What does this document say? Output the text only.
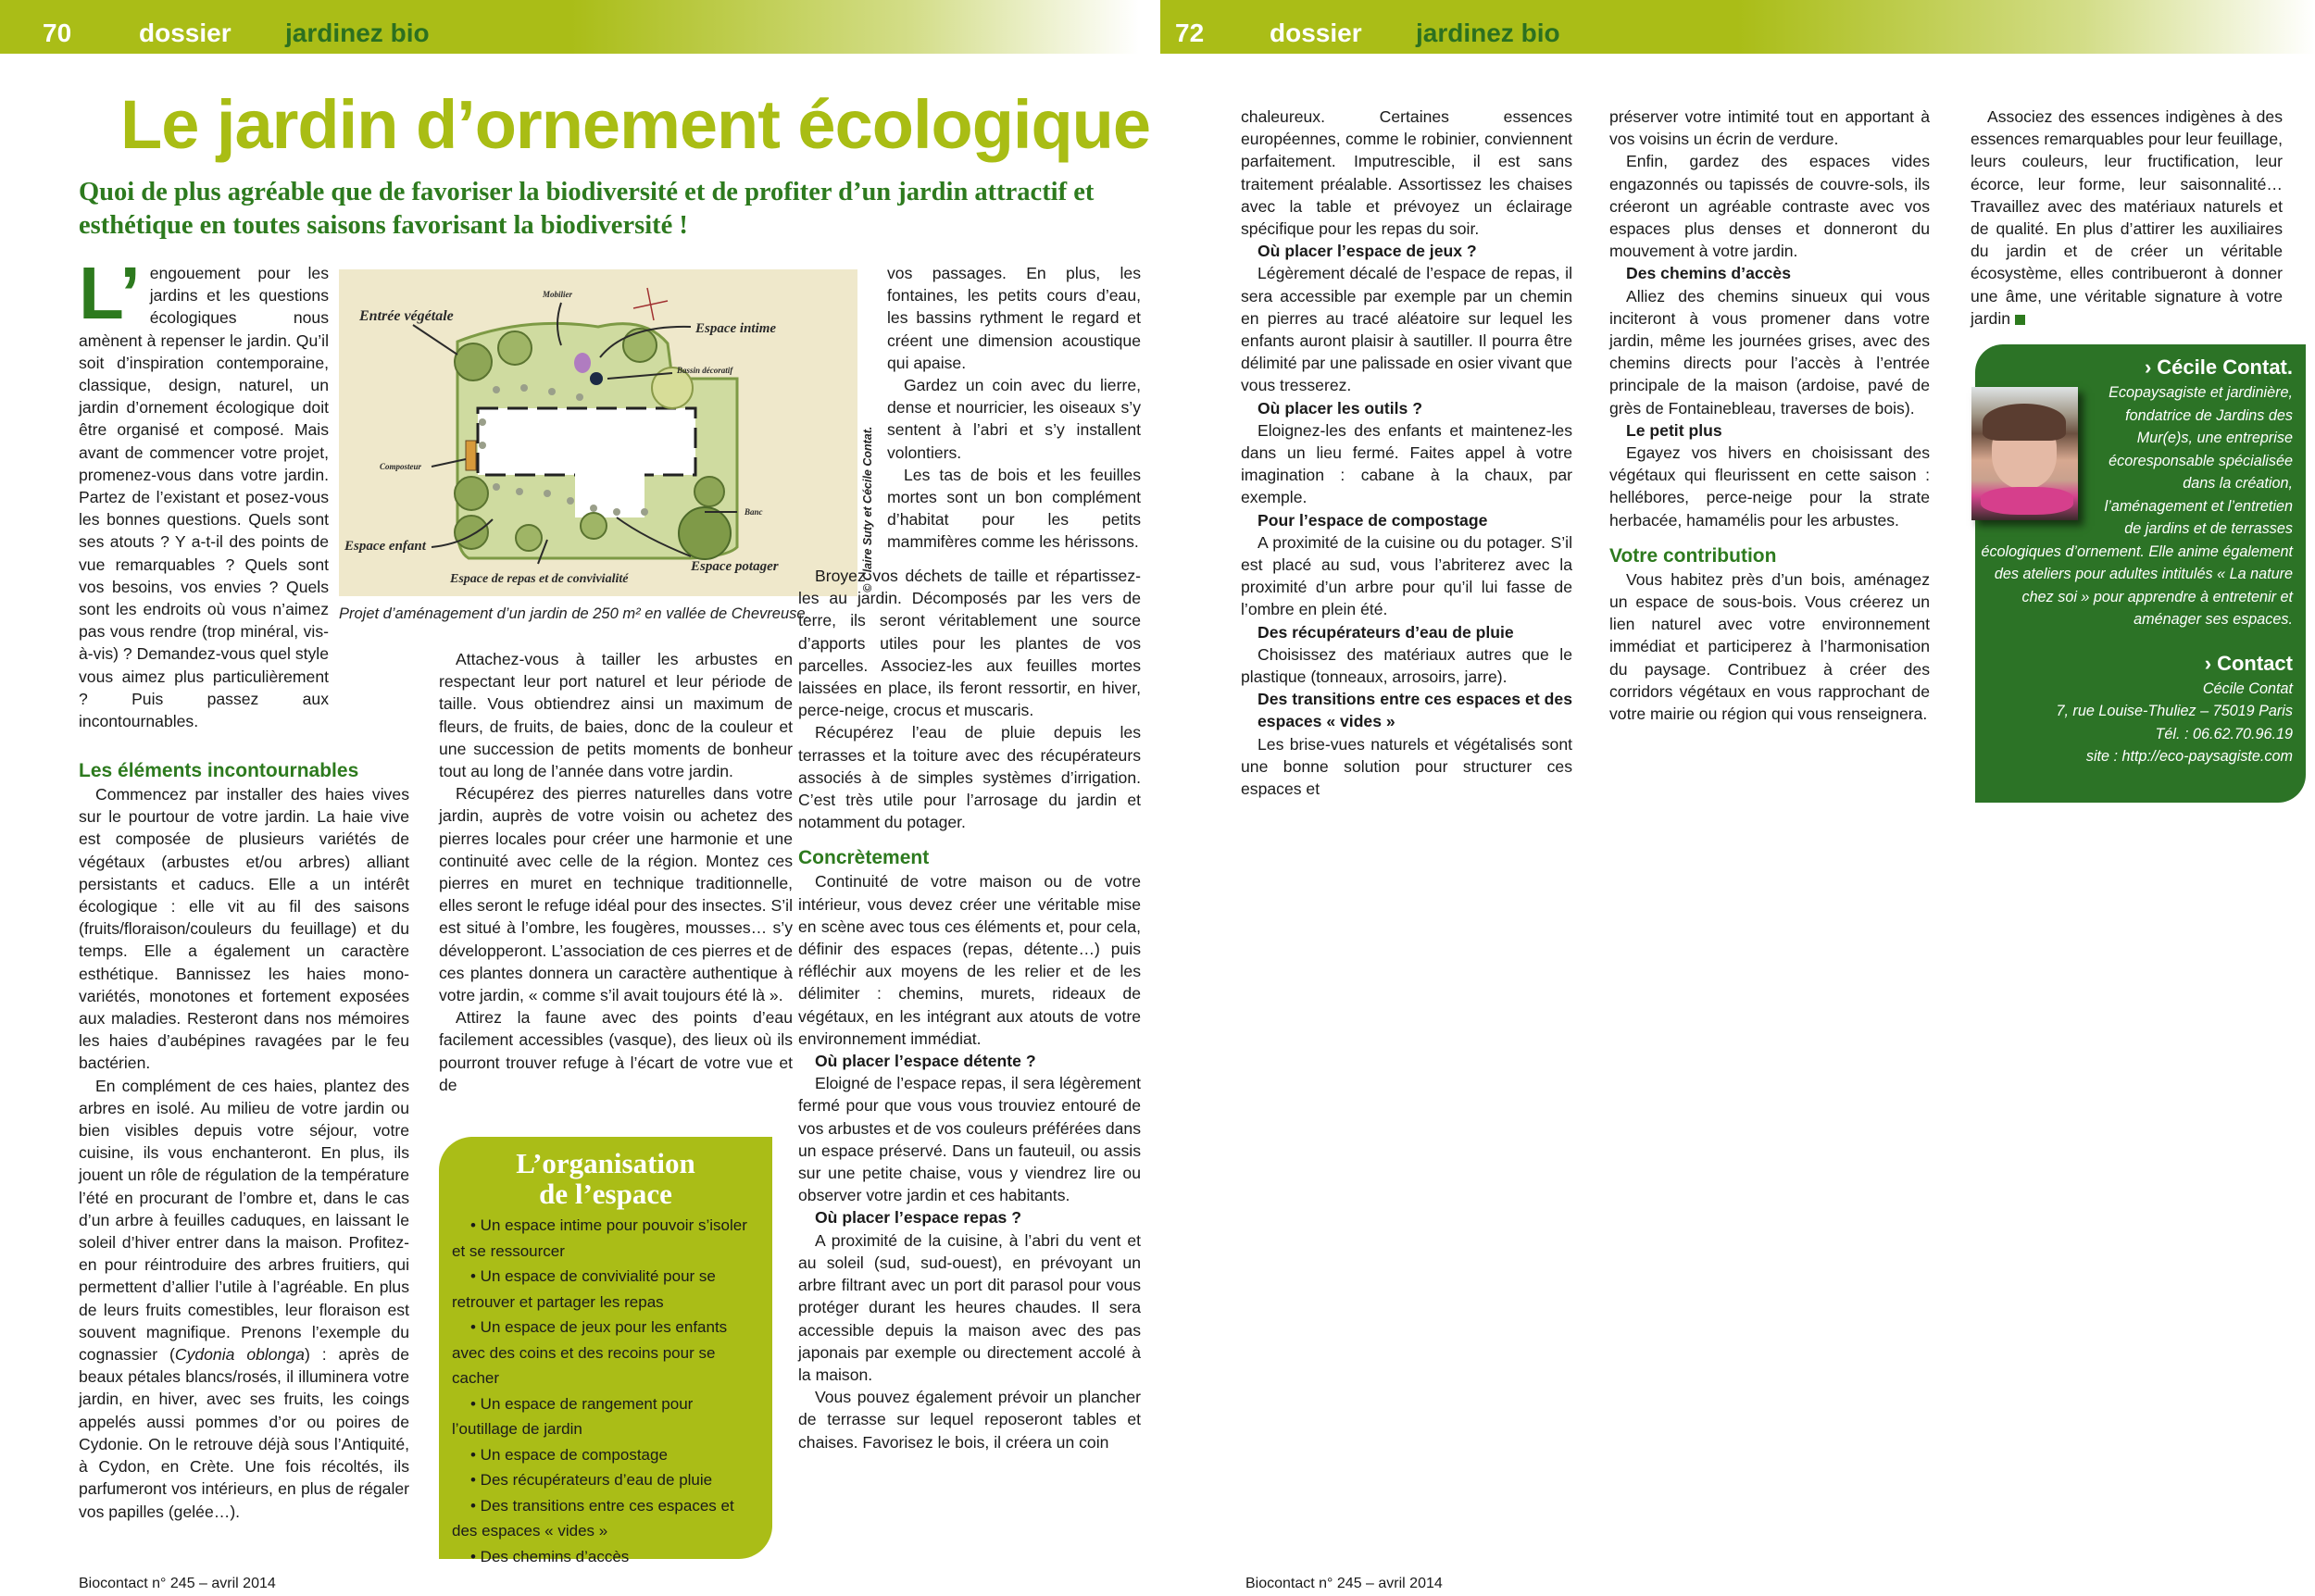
70	dossier	jardinez bio	72	dossier	jardinez bio
Le jardin d’ornement écologique
Quoi de plus agréable que de favoriser la biodiversité et de profiter d’un jardin attractif et esthétique en toutes saisons favorisant la biodiversité !
L’ engouement pour les jardins et les questions écologiques nous amènent à repenser le jardin. Qu’il soit d’inspiration contemporaine, classique, design, naturel, un jardin d’ornement écologique doit être organisé et composé. Mais avant de commencer votre projet, promenez-vous dans votre jardin. Partez de l’existant et posez-vous les bonnes questions. Quels sont ses atouts ? Y a-t-il des points de vue remarquables ? Quels sont vos besoins, vos envies ? Quels sont les endroits où vous n’aimez pas vous rendre (trop minéral, vis-à-vis) ? Demandez-vous quel style vous aimez plus particulièrement ? Puis passez aux incontournables.

Entrée végétale
Mobilier
Espace intime
Bassin décoratif
Composteur
Banc
Espace enfant
Espace potager
Espace de repas et de convivialité
Projet d’aménagement d’un jardin de 250 m² en vallée de Chevreuse.
© Claire Suty et Cécile Contat.
Les éléments incontournables

Commencez par installer des haies vives sur le pourtour de votre jardin. La haie vive est composée de plusieurs variétés de végétaux (arbustes et/ou arbres) alliant persistants et caducs. Elle a un intérêt écologique : elle vit au fil des saisons (fruits/floraison/couleurs du feuillage) et du temps. Elle a également un caractère esthétique. Bannissez les haies mono-variétés, monotones et fortement exposées aux maladies. Resteront dans nos mémoires les haies d’aubépines ravagées par le feu bactérien.

En complément de ces haies, plantez des arbres en isolé. Au milieu de votre jardin ou bien visibles depuis votre séjour, votre cuisine, ils vous enchanteront. En plus, ils jouent un rôle de régulation de la température l’été en procurant de l’ombre et, dans le cas d’un arbre à feuilles caduques, en laissant le soleil d’hiver entrer dans la maison. Profitez-en pour réintroduire des arbres fruitiers, qui permettent d’allier l’utile à l’agréable. En plus de leurs fruits comestibles, leur floraison est souvent magnifique. Prenons l’exemple du cognassier (Cydonia oblonga) : après de beaux pétales blancs/rosés, il illuminera votre jardin, en hiver, avec ses fruits, les coings appelés aussi pommes d’or ou poires de Cydonie. On le retrouve déjà sous l’Antiquité, à Cydon, en Crète. Une fois récoltés, ils parfumeront vos intérieurs, en plus de régaler vos papilles (gelée…).

Attachez-vous à tailler les arbustes en respectant leur port naturel et leur période de taille. Vous obtiendrez ainsi un maximum de fleurs, de fruits, de baies, donc de la couleur et une succession de petits moments de bonheur tout au long de l’année dans votre jardin.

Récupérez des pierres naturelles dans votre jardin, auprès de votre voisin ou achetez des pierres locales pour créer une harmonie et une continuité avec celle de la région. Montez ces pierres en muret en technique traditionnelle, elles seront le refuge idéal pour des insectes. S’il est situé à l’ombre, les fougères, mousses… s’y développeront. L’association de ces pierres et de ces plantes donnera un caractère authentique à votre jardin, « comme s’il avait toujours été là ».

Attirez la faune avec des points d’eau facilement accessibles (vasque), des lieux où ils pourront trouver refuge à l’écart de votre vue et de

L’organisation
de l’espace
• Un espace intime pour pouvoir s’isoler et se ressourcer
• Un espace de convivialité pour se retrouver et partager les repas
• Un espace de jeux pour les enfants avec des coins et des recoins pour se cacher
• Un espace de rangement pour l’outillage de jardin
• Un espace de compostage
• Des récupérateurs d’eau de pluie
• Des transitions entre ces espaces et des espaces « vides »
• Des chemins d’accès

vos passages. En plus, les fontaines, les petits cours d’eau, les bassins rythment le regard et créent une dimension acoustique qui apaise.

Gardez un coin avec du lierre, dense et nourricier, les oiseaux s’y sentent à l’abri et s’y installent volontiers.

Les tas de bois et les feuilles mortes sont un bon complément d’habitat pour les petits mammifères comme les hérissons.

Broyez vos déchets de taille et répartissez-les au jardin. Décomposés par les vers de terre, ils seront véritablement une source d’apports utiles pour les plantes de vos parcelles. Associez-les aux feuilles mortes laissées en place, ils feront ressortir, en hiver, perce-neige, crocus et muscaris.

Récupérez l’eau de pluie depuis les terrasses et la toiture avec des récupérateurs associés à de simples systèmes d’irrigation. C’est très utile pour l’arrosage du jardin et notamment du potager.

Concrètement

Continuité de votre maison ou de votre intérieur, vous devez créer une véritable mise en scène avec tous ces éléments et, pour cela, définir des espaces (repas, détente…) puis réfléchir aux moyens de les relier et de les délimiter : chemins, murets, rideaux de végétaux, en les intégrant aux atouts de votre environnement immédiat.

Où placer l’espace détente ?

Eloigné de l’espace repas, il sera légèrement fermé pour que vous vous trouviez entouré de vos arbustes et de vos couleurs préférées dans un espace préservé. Dans un fauteuil, ou assis sur une petite chaise, vous y viendrez lire ou observer votre jardin et ces habitants.

Où placer l’espace repas ?

A proximité de la cuisine, à l’abri du vent et au soleil (sud, sud-ouest), en prévoyant un arbre filtrant avec un port dit parasol pour vous protéger durant les heures chaudes. Il sera accessible depuis la maison avec des pas japonais par exemple ou directement accolé à la maison.

Vous pouvez également prévoir un plancher de terrasse sur lequel reposeront tables et chaises. Favorisez le bois, il créera un coin

Biocontact n° 245 – avril 2014

chaleureux. Certaines essences européennes, comme le robinier, conviennent parfaitement. Imputrescible, il est sans traitement préalable. Assortissez les chaises avec la table et prévoyez un éclairage spécifique pour les repas du soir.

Où placer l’espace de jeux ?

Légèrement décalé de l’espace de repas, il sera accessible par exemple par un chemin en pierres au tracé aléatoire sur lequel les enfants auront plaisir à sautiller. Il pourra être délimité par une palissade en osier vivant que vous tresserez.

Où placer les outils ?

Eloignez-les des enfants et maintenez-les dans un lieu fermé. Faites appel à votre imagination : cabane à la chaux, par exemple.

Pour l’espace de compostage

A proximité de la cuisine ou du potager. S’il est placé au sud, vous l’abriterez avec la proximité d’un arbre pour qu’il lui fasse de l’ombre en plein été.

Des récupérateurs d’eau de pluie

Choisissez des matériaux autres que le plastique (tonneaux, arrosoirs, jarre).

Des transitions entre ces espaces et des espaces « vides »

Les brise-vues naturels et végétalisés sont une bonne solution pour structurer ces espaces et

préserver votre intimité tout en apportant à vos voisins un écrin de verdure.

Enfin, gardez des espaces vides engazonnés ou tapissés de couvre-sols, ils créeront un agréable contraste avec vos espaces plus denses et donneront du mouvement à votre jardin.

Des chemins d’accès

Alliez des chemins sinueux qui vous inciteront à vous promener dans votre jardin, même les journées grises, avec des chemins directs pour l’accès à l’entrée principale de la maison (ardoise, pavé de grès de Fontainebleau, traverses de bois).

Le petit plus

Egayez vos hivers en choisissant des végétaux qui fleurissent en cette saison : hellébores, perce-neige pour la strate herbacée, hamamélis pour les arbustes.

Votre contribution

Vous habitez près d’un bois, aménagez un espace de sous-bois. Vous créerez un lien naturel avec votre environnement immédiat et participerez à l’harmonisation du paysage. Contribuez à créer des corridors végétaux en vous rapprochant de votre mairie ou région qui vous renseignera.

Associez des essences indigènes à des essences remarquables pour leur feuillage, leurs couleurs, leur fructification, leur écorce, leur forme, leur saisonnalité… Travaillez avec des matériaux naturels et de qualité. En plus d’attirer les auxiliaires du jardin et de créer un véritable écosystème, elles contribueront à donner une âme, une véritable signature à votre jardin

› Cécile Contat.
Ecopaysagiste et jardinière, fondatrice de Jardins des Mur(e)s, une entreprise écoresponsable spécialisée dans la création, l’aménagement et l’entretien de jardins et de terrasses écologiques d’ornement. Elle anime également des ateliers pour adultes intitulés « La nature chez soi » pour apprendre à entretenir et aménager ses espaces.
› Contact
Cécile Contat
7, rue Louise-Thuliez – 75019 Paris
Tél. : 06.62.70.96.19
site : http://eco-paysagiste.com
Biocontact n° 245 – avril 2014
